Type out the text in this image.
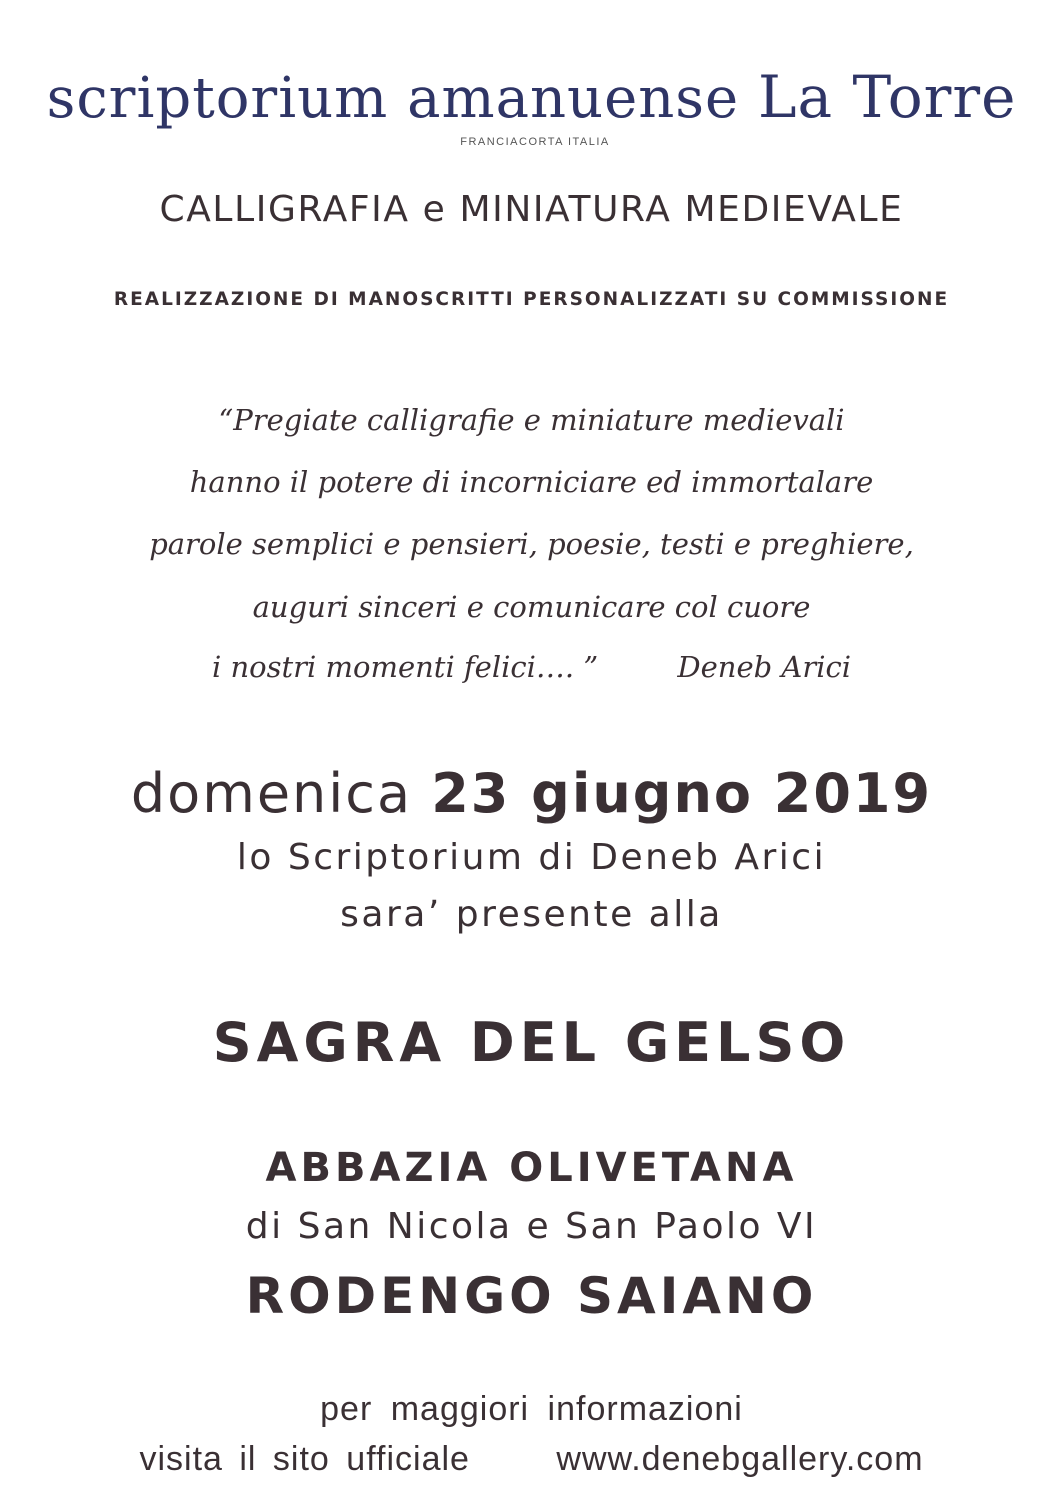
scriptorium amanuense La Torre
FRANCIACORTA ITALIA
CALLIGRAFIA e MINIATURA MEDIEVALE
REALIZZAZIONE DI MANOSCRITTI PERSONALIZZATI SU COMMISSIONE
“Pregiate calligrafie e miniature medievali
hanno il potere di incorniciare ed immortalare
parole semplici e pensieri, poesie, testi e preghiere,
auguri sinceri e comunicare col cuore
i nostri momenti felici…. ”	Deneb Arici
domenica 23 giugno 2019
lo Scriptorium di Deneb Arici
sara’ presente alla
SAGRA DEL GELSO
ABBAZIA OLIVETANA
di San Nicola e San Paolo VI
RODENGO SAIANO
per maggiori informazioni
visita il sito ufficiale	www.denebgallery.com
